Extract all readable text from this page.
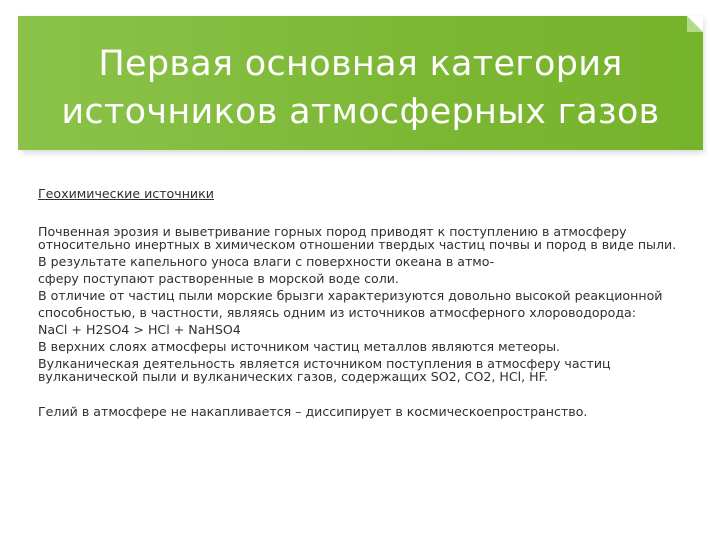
Первая основная категория
источников атмосферных газов
Геохимические источники
Почвенная эрозия и выветривание горных пород приводят к поступлению в атмосферу относительно инертных в химическом отношении твердых частиц почвы и пород в виде пыли.
В результате капельного уноса влаги с поверхности океана в атмо-
сферу поступают растворенные в морской воде соли.
В отличие от частиц пыли морские брызги характеризуются довольно высокой реакционной
способностью, в частности, являясь одним из источников атмосферного хлороводорода:
NaCl + H2SO4 > HCl + NaHSO4
В верхних слоях атмосферы источником частиц металлов являются метеоры.
Вулканическая деятельность является источником поступления в атмосферу частиц вулканической пыли и вулканических газов, содержащих SO2, CO2, HCl, HF.
Гелий в атмосфере не накапливается – диссипирует в космическоепространство.
